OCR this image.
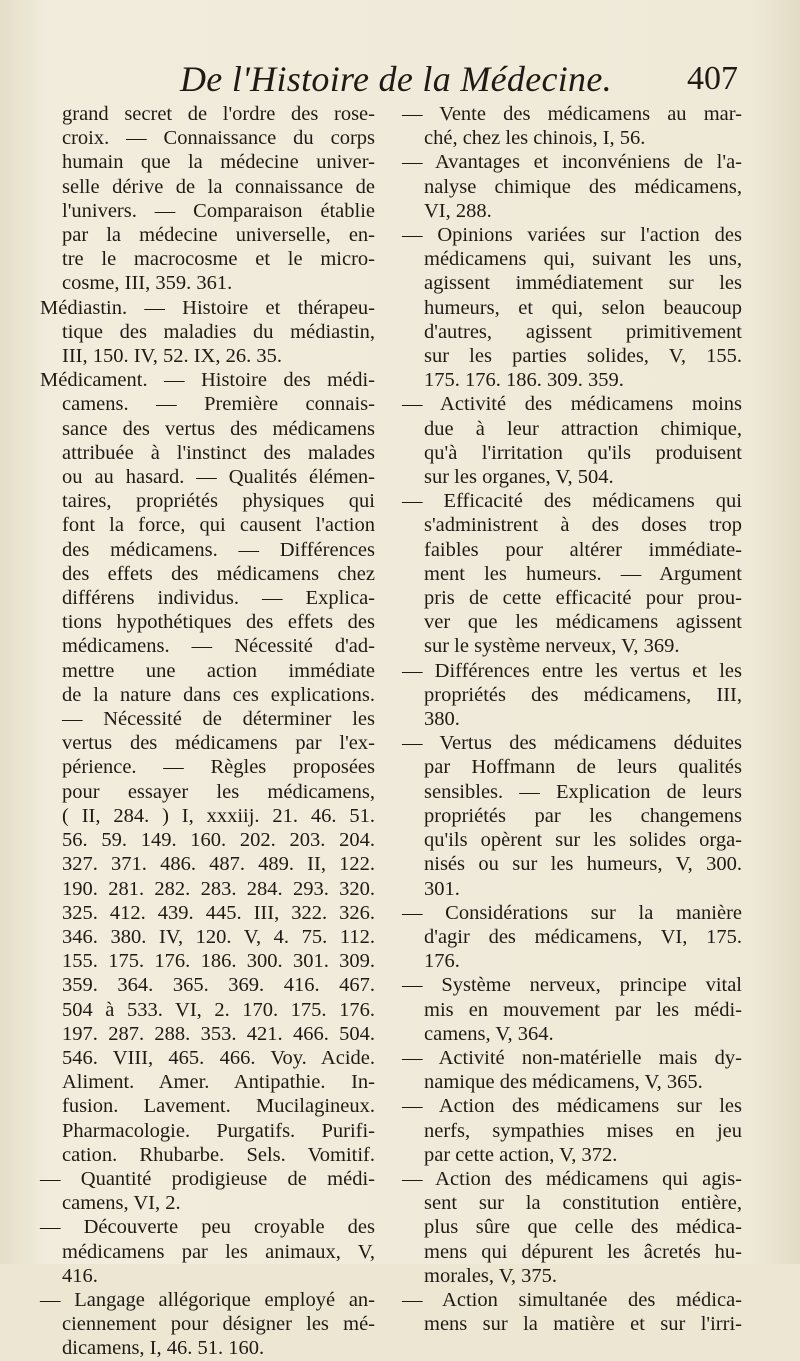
De l'Histoire de la Médecine. 407
grand secret de l'ordre des rose-
croix. — Connaissance du corps
humain que la médecine univer-
selle dérive de la connaissance de
l'univers. — Comparaison établie
par la médecine universelle, en-
tre le macrocosme et le micro-
cosme, III, 359. 361.
Médiastin. — Histoire et thérapeu-
tique des maladies du médiastin,
III, 150. IV, 52. IX, 26. 35.
Médicament. — Histoire des médi-
camens. — Première connais-
sance des vertus des médicamens
attribuée à l'instinct des malades
ou au hasard. — Qualités élémen-
taires, propriétés physiques qui
font la force, qui causent l'action
des médicamens. — Différences
des effets des médicamens chez
différens individus. — Explica-
tions hypothétiques des effets des
médicamens. — Nécessité d'ad-
mettre une action immédiate
de la nature dans ces explications.
— Nécessité de déterminer les
vertus des médicamens par l'ex-
périence. — Règles proposées
pour essayer les médicamens,
( II, 284. ) I, xxxiij. 21. 46. 51.
56. 59. 149. 160. 202. 203. 204.
327. 371. 486. 487. 489. II, 122.
190. 281. 282. 283. 284. 293. 320.
325. 412. 439. 445. III, 322. 326.
346. 380. IV, 120. V, 4. 75. 112.
155. 175. 176. 186. 300. 301. 309.
359. 364. 365. 369. 416. 467.
504 à 533. VI, 2. 170. 175. 176.
197. 287. 288. 353. 421. 466. 504.
546. VIII, 465. 466. Voy. Acide.
Aliment. Amer. Antipathie. In-
fusion. Lavement. Mucilagineux.
Pharmacologie. Purgatifs. Purifi-
cation. Rhubarbe. Sels. Vomitif.
— Quantité prodigieuse de médi-
camens, VI, 2.
— Découverte peu croyable des
médicamens par les animaux, V,
416.
— Langage allégorique employé an-
ciennement pour désigner les mé-
dicamens, I, 46. 51. 160.
— Vente des médicamens au mar-
ché, chez les chinois, I, 56.
— Avantages et inconvéniens de l'a-
nalyse chimique des médicamens,
VI, 288.
— Opinions variées sur l'action des
médicamens qui, suivant les uns,
agissent immédiatement sur les
humeurs, et qui, selon beaucoup
d'autres, agissent primitivement
sur les parties solides, V, 155.
175. 176. 186. 309. 359.
— Activité des médicamens moins
due à leur attraction chimique,
qu'à l'irritation qu'ils produisent
sur les organes, V, 504.
— Efficacité des médicamens qui
s'administrent à des doses trop
faibles pour altérer immédiate-
ment les humeurs. — Argument
pris de cette efficacité pour prou-
ver que les médicamens agissent
sur le système nerveux, V, 369.
— Différences entre les vertus et les
propriétés des médicamens, III,
380.
— Vertus des médicamens déduites
par Hoffmann de leurs qualités
sensibles. — Explication de leurs
propriétés par les changemens
qu'ils opèrent sur les solides orga-
nisés ou sur les humeurs, V, 300.
301.
— Considérations sur la manière
d'agir des médicamens, VI, 175.
176.
— Système nerveux, principe vital
mis en mouvement par les médi-
camens, V, 364.
— Activité non-matérielle mais dy-
namique des médicamens, V, 365.
— Action des médicamens sur les
nerfs, sympathies mises en jeu
par cette action, V, 372.
— Action des médicamens qui agis-
sent sur la constitution entière,
plus sûre que celle des médica-
mens qui dépurent les âcretés hu-
morales, V, 375.
— Action simultanée des médica-
mens sur la matière et sur l'irri-
